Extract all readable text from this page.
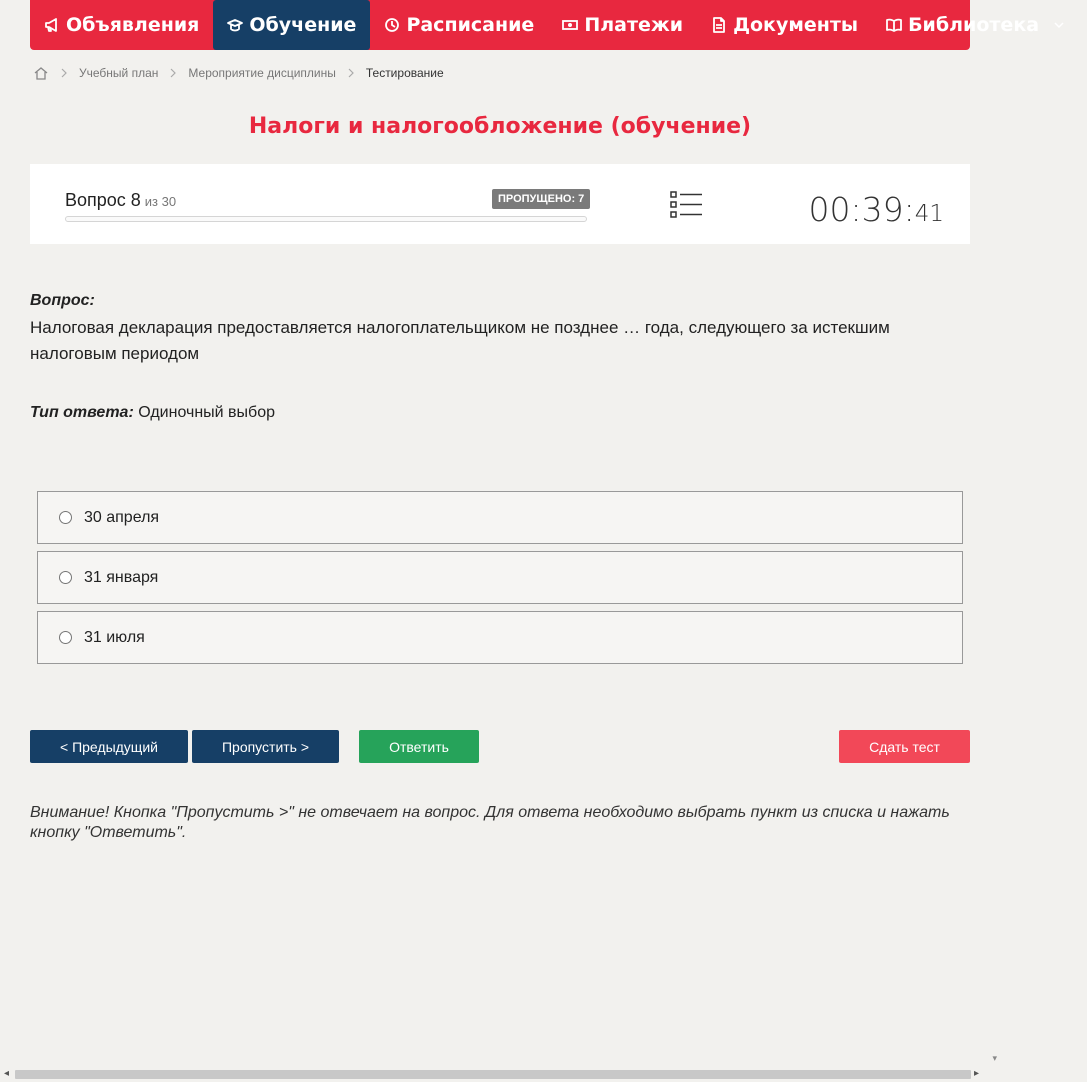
Объявления	Обучение	Расписание	Платежи	Документы	Библиотека
Учебный план	Мероприятие дисциплины	Тестирование
Налоги и налогообложение (обучение)
Вопрос 8 из 30	ПРОПУЩЕНО: 7	00:39:41
Вопрос:
Налоговая декларация предоставляется налогоплательщиком не позднее … года, следующего за истекшим налоговым периодом
Тип ответа: Одиночный выбор
30 апреля
31 января
31 июля
< Предыдущий	Пропустить >	Ответить	Сдать тест
Внимание! Кнопка "Пропустить >" не отвечает на вопрос. Для ответа необходимо выбрать пункт из списка и нажать кнопку "Ответить".
▾
◂	▸
